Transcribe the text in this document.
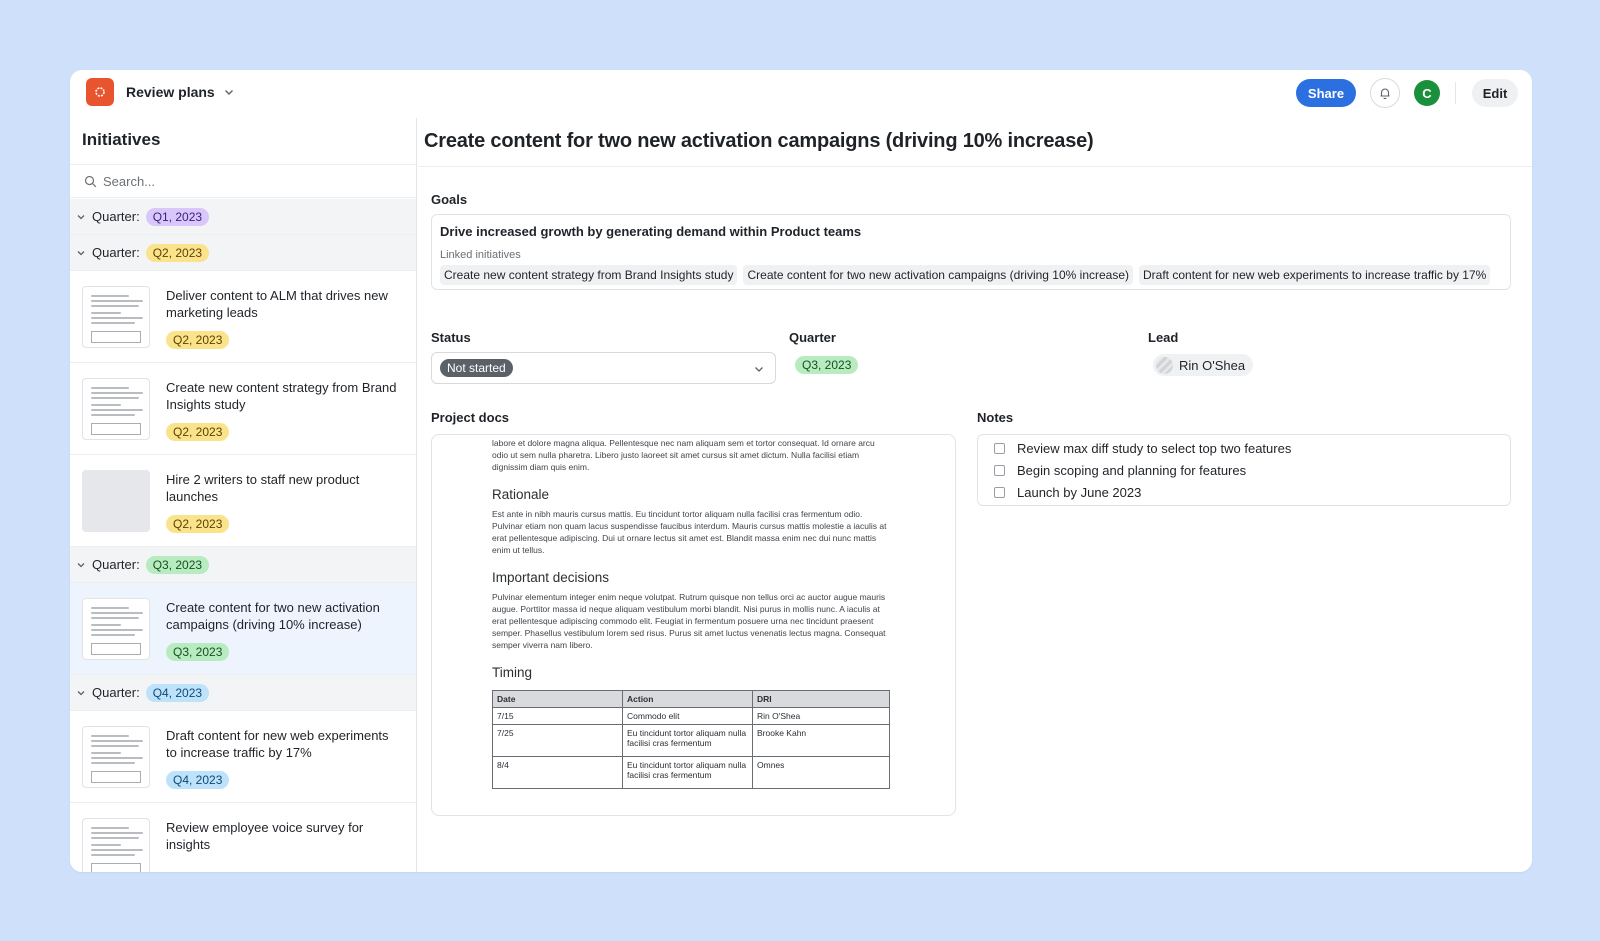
Review plans	Share	C	Edit
Initiatives
Search...
Quarter:	Q1, 2023
Quarter:	Q2, 2023
Deliver content to ALM that drives new marketing leads
Q2, 2023
Create new content strategy from Brand Insights study
Q2, 2023
Hire 2 writers to staff new product launches
Q2, 2023
Quarter:	Q3, 2023
Create content for two new activation campaigns (driving 10% increase)
Q3, 2023
Quarter:	Q4, 2023
Draft content for new web experiments to increase traffic by 17%
Q4, 2023
Review employee voice survey for insights
Create content for two new activation campaigns (driving 10% increase)
Goals
Drive increased growth by generating demand within Product teams
Linked initiatives
Create new content strategy from Brand Insights study	Create content for two new activation campaigns (driving 10% increase)	Draft content for new web experiments to increase traffic by 17%
Status
Not started
Quarter
Q3, 2023
Lead
Rin O'Shea
Project docs

labore et dolore magna aliqua. Pellentesque nec nam aliquam sem et tortor consequat. Id ornare arcu odio ut sem nulla pharetra. Libero justo laoreet sit amet cursus sit amet dictum. Nulla facilisi etiam dignissim diam quis enim.

Rationale

Est ante in nibh mauris cursus mattis. Eu tincidunt tortor aliquam nulla facilisi cras fermentum odio. Pulvinar etiam non quam lacus suspendisse faucibus interdum. Mauris cursus mattis molestie a iaculis at erat pellentesque adipiscing. Dui ut ornare lectus sit amet est. Blandit massa enim nec dui nunc mattis enim ut tellus.

Important decisions

Pulvinar elementum integer enim neque volutpat. Rutrum quisque non tellus orci ac auctor augue mauris augue. Porttitor massa id neque aliquam vestibulum morbi blandit. Nisi purus in mollis nunc. A iaculis at erat pellentesque adipiscing commodo elit. Feugiat in fermentum posuere urna nec tincidunt praesent semper. Phasellus vestibulum lorem sed risus. Purus sit amet luctus venenatis lectus magna. Consequat semper viverra nam libero.

Timing
Date	Action	DRI
7/15	Commodo elit	Rin O'Shea
7/25	Eu tincidunt tortor aliquam nulla facilisi cras fermentum	Brooke Kahn
8/4	Eu tincidunt tortor aliquam nulla facilisi cras fermentum	Omnes
Notes
Review max diff study to select top two features
Begin scoping and planning for features
Launch by June 2023
